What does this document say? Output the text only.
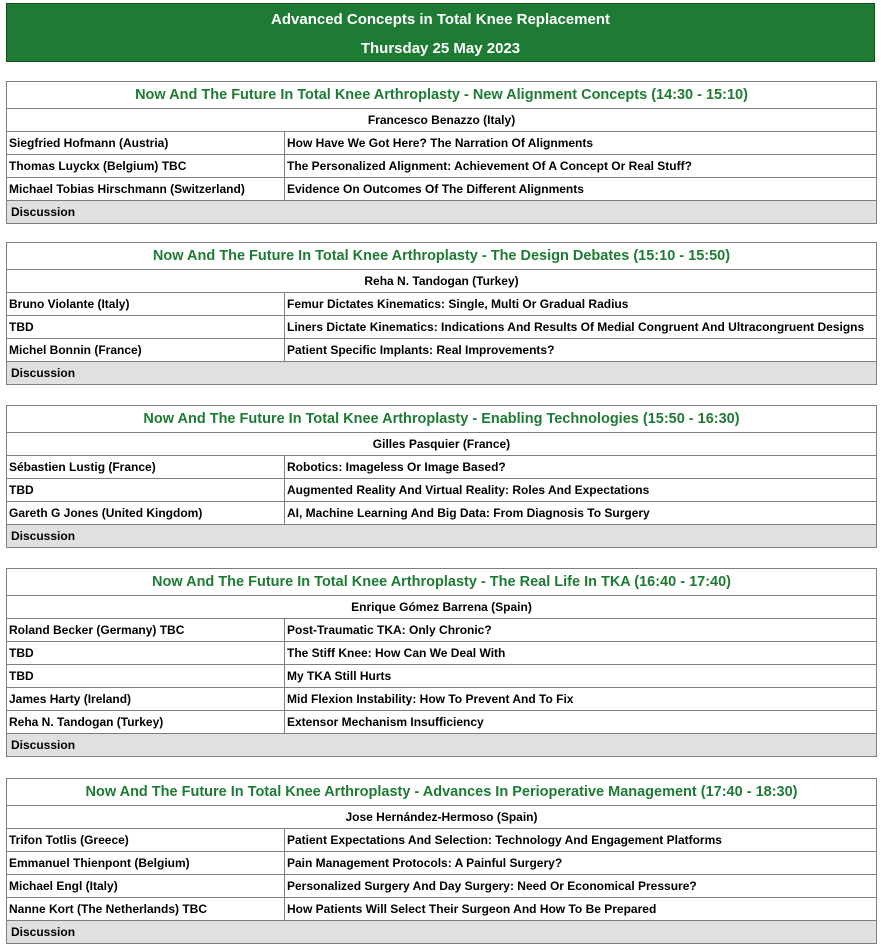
Advanced Concepts in Total Knee Replacement
Thursday 25 May 2023
Now And The Future In Total Knee Arthroplasty - New Alignment Concepts (14:30 - 15:10)	
Francesco Benazzo (Italy)	
Siegfried Hofmann (Austria)	How Have We Got Here? The Narration Of Alignments
Thomas Luyckx (Belgium) TBC	The Personalized Alignment: Achievement Of A Concept Or Real Stuff?
Michael Tobias Hirschmann (Switzerland)	Evidence On Outcomes Of The Different Alignments
Discussion	
Now And The Future In Total Knee Arthroplasty - The Design Debates (15:10 - 15:50)	
Reha N. Tandogan (Turkey)	
Bruno Violante (Italy)	Femur Dictates Kinematics: Single, Multi Or Gradual Radius
TBD	Liners Dictate Kinematics: Indications And Results Of Medial Congruent And Ultracongruent Designs
Michel Bonnin (France)	Patient Specific Implants: Real Improvements?
Discussion	
Now And The Future In Total Knee Arthroplasty - Enabling Technologies (15:50 - 16:30)	
Gilles Pasquier (France)	
Sébastien Lustig (France)	Robotics: Imageless Or Image Based?
TBD	Augmented Reality And Virtual Reality: Roles And Expectations
Gareth G Jones (United Kingdom)	AI, Machine Learning And Big Data: From Diagnosis To Surgery
Discussion	
Now And The Future In Total Knee Arthroplasty - The Real Life In TKA (16:40 - 17:40)	
Enrique Gómez Barrena (Spain)	
Roland Becker (Germany) TBC	Post-Traumatic TKA: Only Chronic?
TBD	The Stiff Knee: How Can We Deal With
TBD	My TKA Still Hurts
James Harty (Ireland)	Mid Flexion Instability: How To Prevent And To Fix
Reha N. Tandogan (Turkey)	Extensor Mechanism Insufficiency
Discussion	
Now And The Future In Total Knee Arthroplasty - Advances In Perioperative Management (17:40 - 18:30)	
Jose Hernández-Hermoso (Spain)	
Trifon Totlis (Greece)	Patient Expectations And Selection: Technology And Engagement Platforms
Emmanuel Thienpont (Belgium)	Pain Management Protocols: A Painful Surgery?
Michael Engl (Italy)	Personalized Surgery And Day Surgery: Need Or Economical Pressure?
Nanne Kort (The Netherlands) TBC	How Patients Will Select Their Surgeon And How To Be Prepared
Discussion	
